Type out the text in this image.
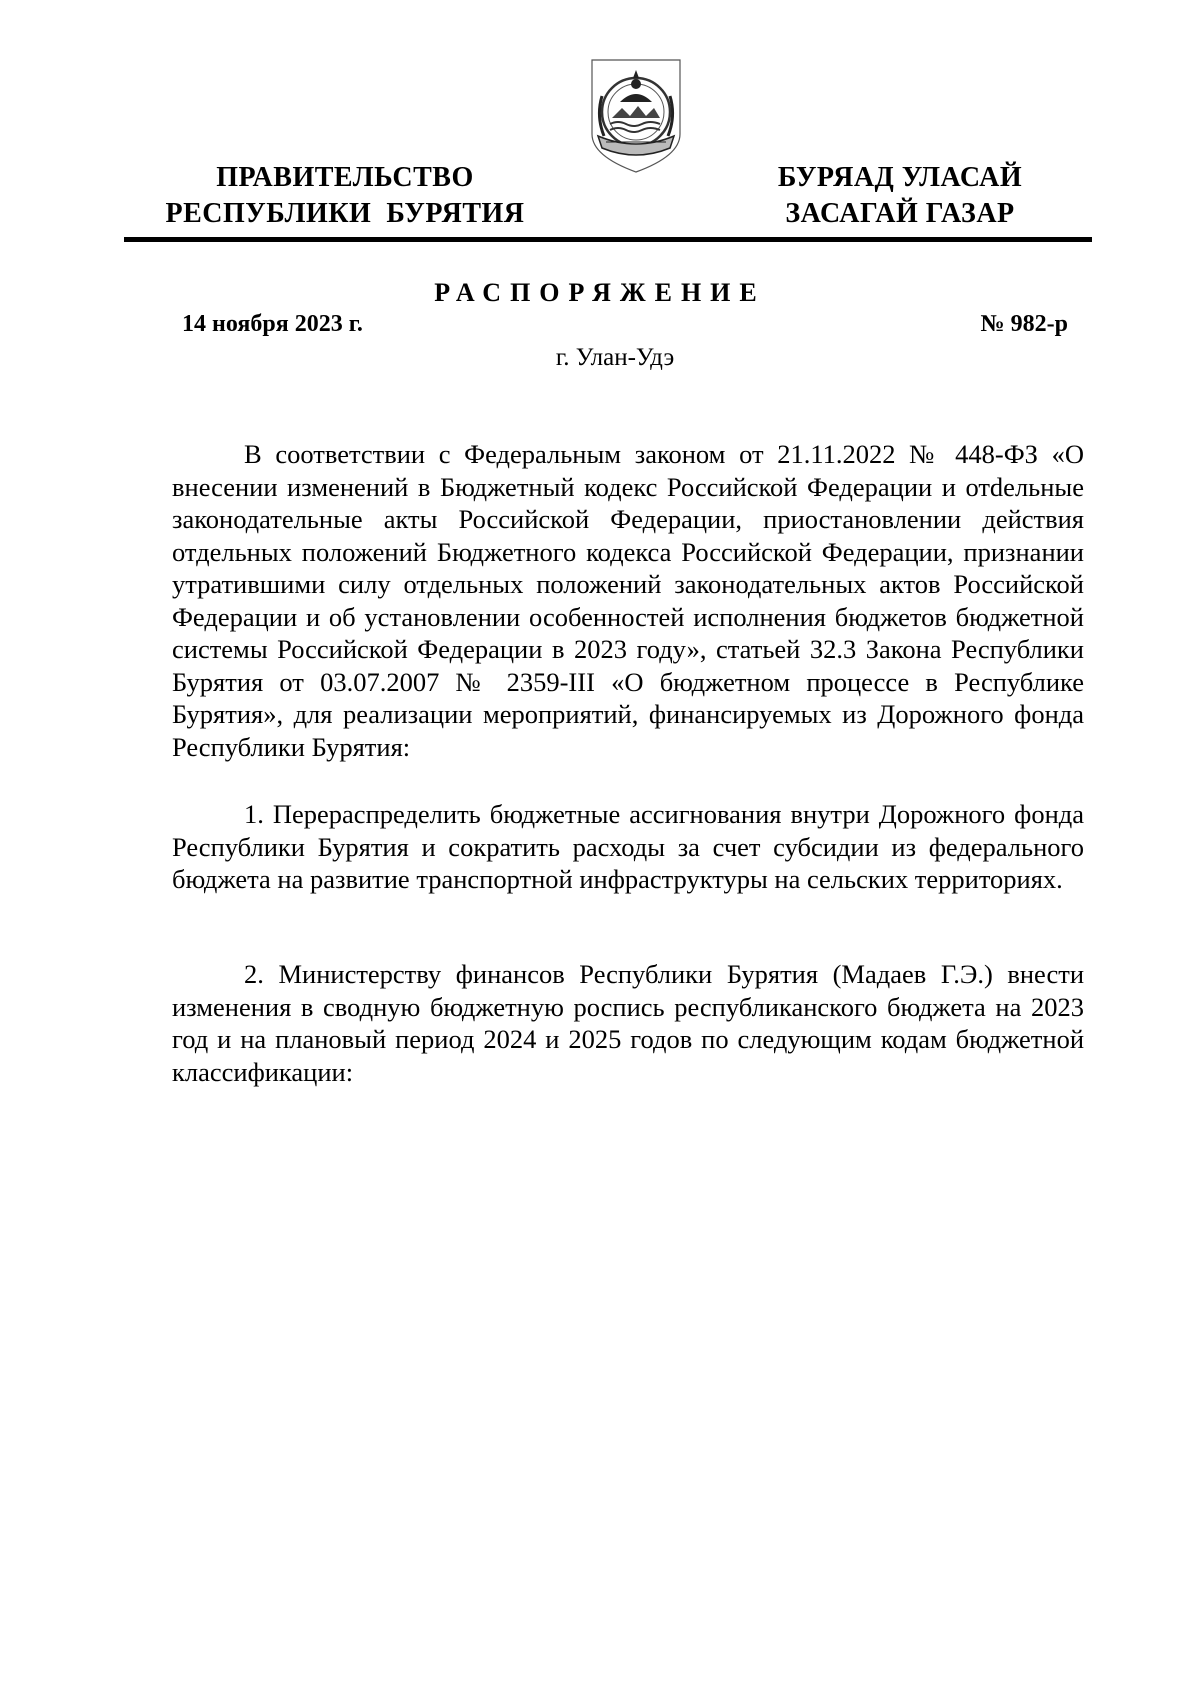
ПРАВИТЕЛЬСТВО
РЕСПУБЛИКИ  БУРЯТИЯ
БУРЯАД УЛАСАЙ
ЗАСАГАЙ ГАЗАР
РАСПОРЯЖЕНИЕ
14 ноября 2023 г.	№ 982-р
г. Улан-Удэ

В соответствии с Федеральным законом от 21.11.2022 № 448-ФЗ «О внесении изменений в Бюджетный кодекс Российской Федерации и отdельные законодательные акты Российской Федерации, приостановлении действия отдельных положений Бюджетного кодекса Российской Федерации, признании утратившими силу отдельных положений законодательных актов Российской Федерации и об установлении особенностей исполнения бюджетов бюджетной системы Российской Федерации в 2023 году», статьей 32.3 Закона Республики Бурятия от 03.07.2007 № 2359-III «О бюджетном процессе в Республике Бурятия», для реализации мероприятий, финансируемых из Дорожного фонда Республики Бурятия:

1. Перераспределить бюджетные ассигнования внутри Дорожного фонда Республики Бурятия и сократить расходы за счет субсидии из федерального бюджета на развитие транспортной инфраструктуры на сельских территориях.

2. Министерству финансов Республики Бурятия (Мадаев Г.Э.) внести изменения в сводную бюджетную роспись республиканского бюджета на 2023 год и на плановый период 2024 и 2025 годов по следующим кодам бюджетной классификации:
